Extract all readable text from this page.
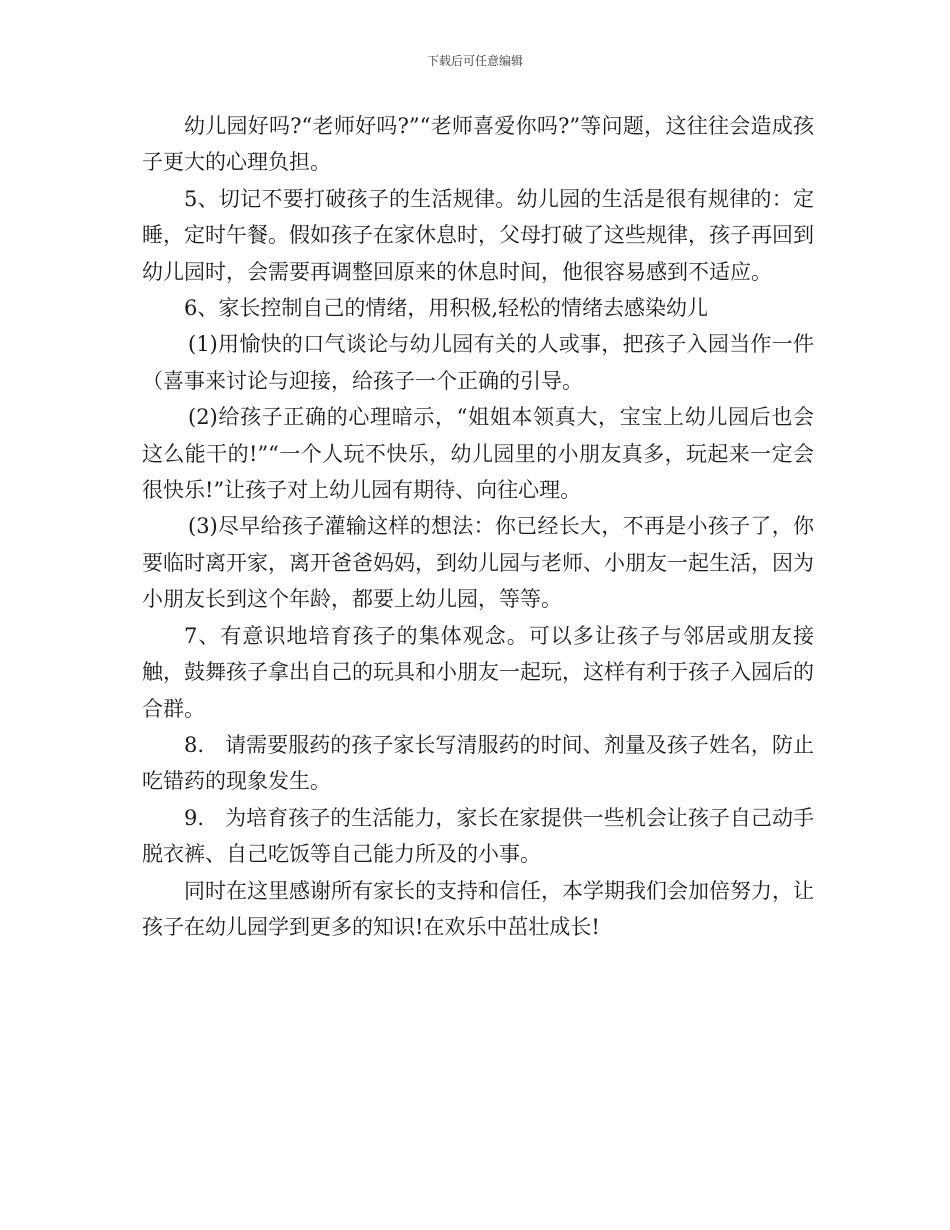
下载后可任意编辑

幼儿园好吗?“老师好吗?”“老师喜爱你吗?”等问题，这往往会造成孩子更大的心理负担。

5、切记不要打破孩子的生活规律。幼儿园的生活是很有规律的：定睡，定时午餐。假如孩子在家休息时，父母打破了这些规律，孩子再回到幼儿园时，会需要再调整回原来的休息时间，他很容易感到不适应。

6、家长控制自己的情绪，用积极,轻松的情绪去感染幼儿

(1)用愉快的口气谈论与幼儿园有关的人或事，把孩子入园当作一件（喜事来讨论与迎接，给孩子一个正确的引导。

(2)给孩子正确的心理暗示，“姐姐本领真大，宝宝上幼儿园后也会这么能干的!”“一个人玩不快乐，幼儿园里的小朋友真多，玩起来一定会很快乐!”让孩子对上幼儿园有期待、向往心理。

(3)尽早给孩子灌输这样的想法：你已经长大，不再是小孩子了，你要临时离开家，离开爸爸妈妈，到幼儿园与老师、小朋友一起生活，因为小朋友长到这个年龄，都要上幼儿园，等等。

7、有意识地培育孩子的集体观念。可以多让孩子与邻居或朋友接触，鼓舞孩子拿出自己的玩具和小朋友一起玩，这样有利于孩子入园后的合群。

8.　请需要服药的孩子家长写清服药的时间、剂量及孩子姓名，防止吃错药的现象发生。

9.　为培育孩子的生活能力，家长在家提供一些机会让孩子自己动手脱衣裤、自己吃饭等自己能力所及的小事。

同时在这里感谢所有家长的支持和信任，本学期我们会加倍努力，让孩子在幼儿园学到更多的知识!在欢乐中茁壮成长!
